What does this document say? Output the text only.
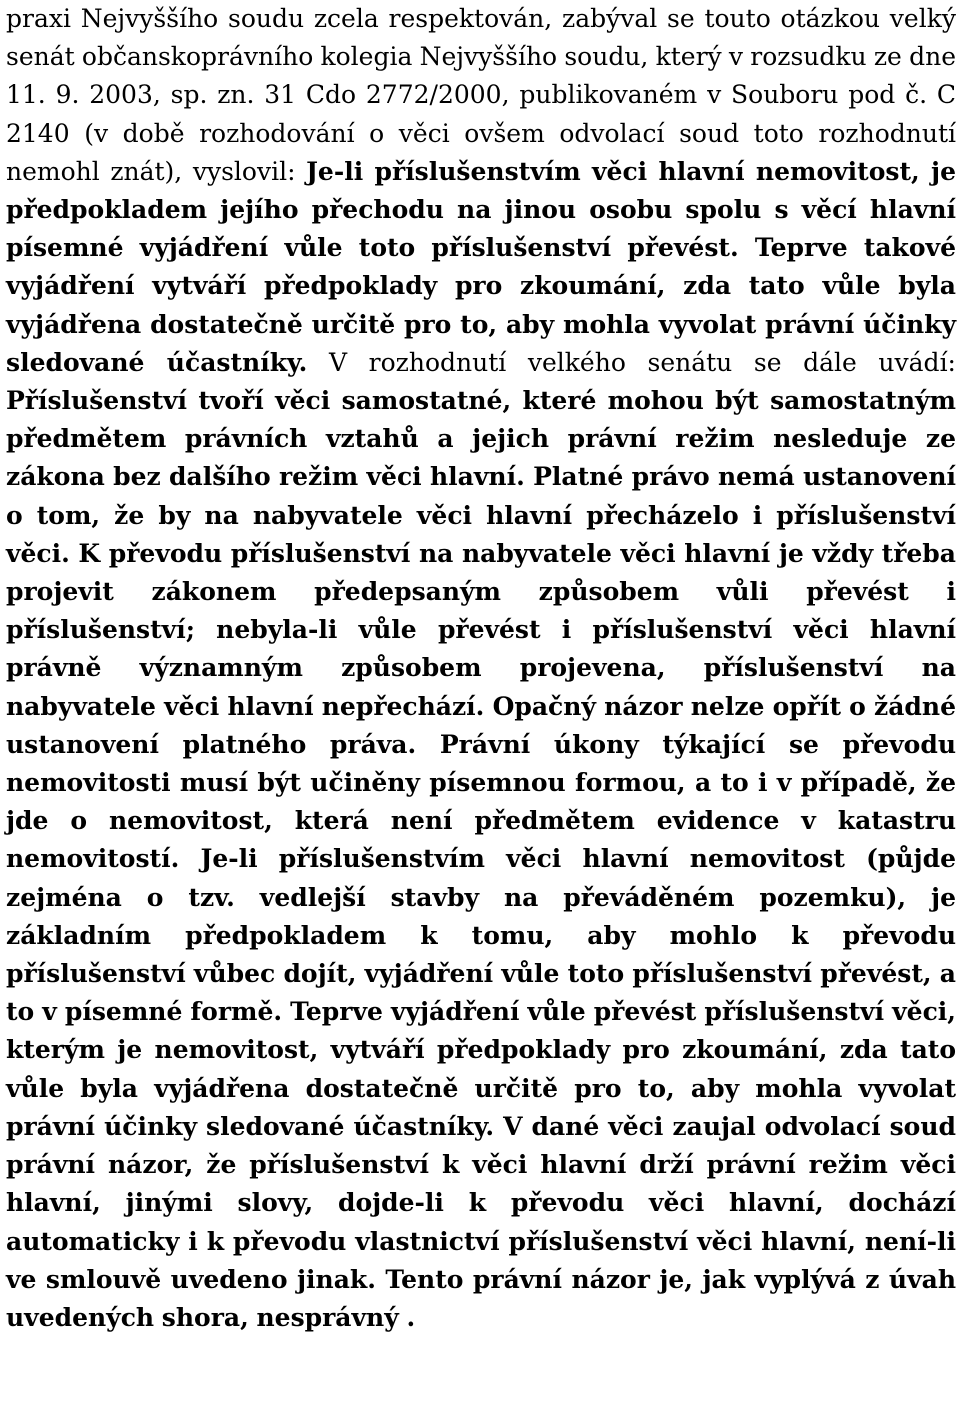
praxi Nejvyššího soudu zcela respektován, zabýval se touto otázkou velký senát občanskoprávního kolegia Nejvyššího soudu, který v rozsudku ze dne 11. 9. 2003, sp. zn. 31 Cdo 2772/2000, publikovaném v Souboru pod č. C 2140 (v době rozhodování o věci ovšem odvolací soud toto rozhodnutí nemohl znát), vyslovil: Je-li příslušenstvím věci hlavní nemovitost, je předpokladem jejího přechodu na jinou osobu spolu s věcí hlavní písemné vyjádření vůle toto příslušenství převést. Teprve takové vyjádření vytváří předpoklady pro zkoumání, zda tato vůle byla vyjádřena dostatečně určitě pro to, aby mohla vyvolat právní účinky sledované účastníky. V rozhodnutí velkého senátu se dále uvádí: Příslušenství tvoří věci samostatné, které mohou být samostatným předmětem právních vztahů a jejich právní režim nesleduje ze zákona bez dalšího režim věci hlavní. Platné právo nemá ustanovení o tom, že by na nabyvatele věci hlavní přecházelo i příslušenství věci. K převodu příslušenství na nabyvatele věci hlavní je vždy třeba projevit zákonem předepsaným způsobem vůli převést i příslušenství; nebyla-li vůle převést i příslušenství věci hlavní právně významným způsobem projevena, příslušenství na nabyvatele věci hlavní nepřechází. Opačný názor nelze opřít o žádné ustanovení platného práva. Právní úkony týkající se převodu nemovitosti musí být učiněny písemnou formou, a to i v případě, že jde o nemovitost, která není předmětem evidence v katastru nemovitostí. Je-li příslušenstvím věci hlavní nemovitost (půjde zejména o tzv. vedlejší stavby na převáděném pozemku), je základním předpokladem k tomu, aby mohlo k převodu příslušenství vůbec dojít, vyjádření vůle toto příslušenství převést, a to v písemné formě. Teprve vyjádření vůle převést příslušenství věci, kterým je nemovitost, vytváří předpoklady pro zkoumání, zda tato vůle byla vyjádřena dostatečně určitě pro to, aby mohla vyvolat právní účinky sledované účastníky. V dané věci zaujal odvolací soud právní názor, že příslušenství k věci hlavní drží právní režim věci hlavní, jinými slovy, dojde-li k převodu věci hlavní, dochází automaticky i k převodu vlastnictví příslušenství věci hlavní, není-li ve smlouvě uvedeno jinak. Tento právní názor je, jak vyplývá z úvah uvedených shora, nesprávný .
